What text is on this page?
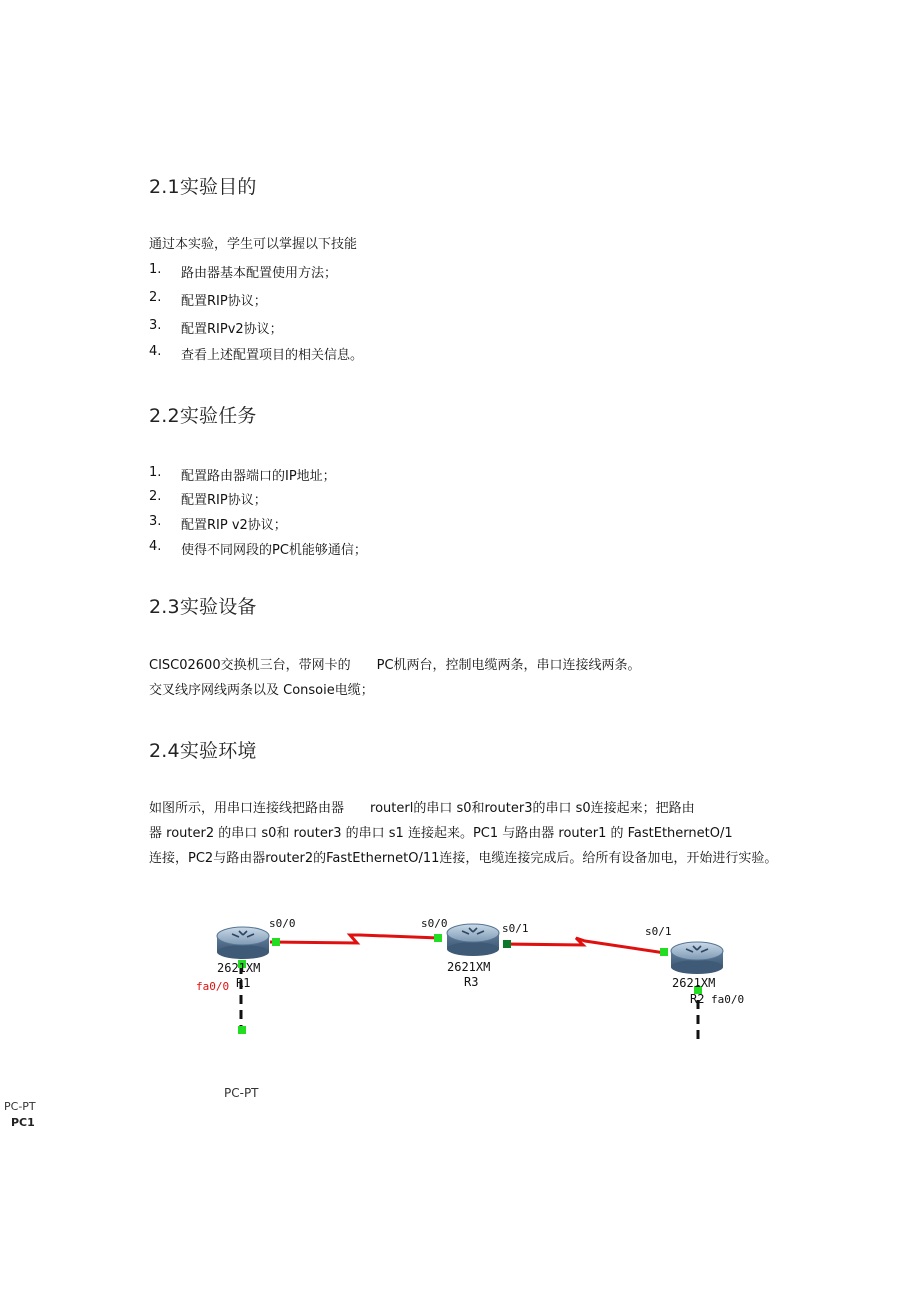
2.1实验目的
通过本实验，学生可以掌握以下技能
1. 路由器基本配置使用方法；
2. 配置RIP协议；
3. 配置RIPv2协议；
4. 查看上述配置项目的相关信息。
2.2实验任务
1. 配置路由器端口的IP地址；
2. 配置RIP协议；
3. 配置RIP v2协议；
4. 使得不同网段的PC机能够通信；
2.3实验设备
CISC02600交换机三台，带网卡的 PC机两台，控制电缆两条，串口连接线两条。
交叉线序网线两条以及 Consoie电缆；
2.4实验环境
如图所示，用串口连接线把路由器 routerl的串口 s0和router3的串口 s0连接起来；把路由
器 router2 的串口 s0和 router3 的串口 s1 连接起来。PC1 与路由器 router1 的 FastEthernetO/1
连接，PC2与路由器router2的FastEthernetO/11连接，电缆连接完成后。给所有设备加电，开始进行实验。
s0/0
2621XM
R1
fa0/0
s0/0	s0/1
2621XM
R3
s0/1
2621XM
R2 fa0/0
PC-PT
PC-PT
PC1
